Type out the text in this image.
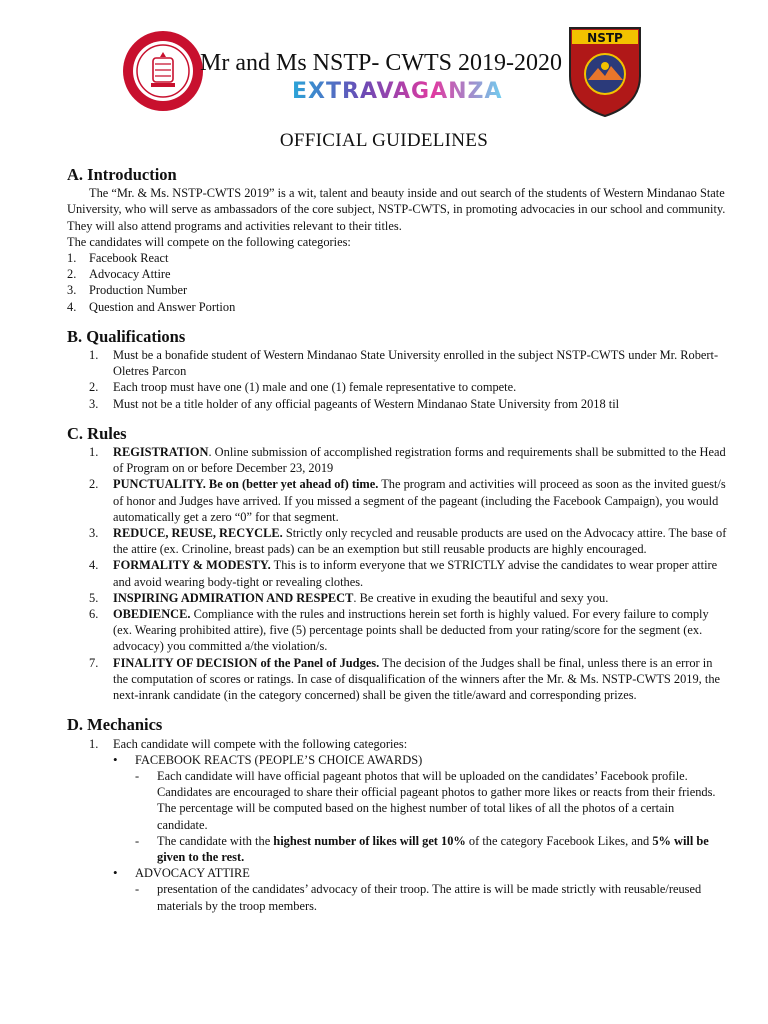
NSTP
Mr and Ms NSTP- CWTS 2019-2020
EXTRAVAGANZA
OFFICIAL GUIDELINES
A. Introduction

The “Mr. & Ms. NSTP-CWTS 2019” is a wit, talent and beauty inside and out search of the students of Western Mindanao State University, who will serve as ambassadors of the core subject, NSTP-CWTS, in promoting advocacies in our school and community. They will also attend programs and activities relevant to their titles.

The candidates will compete on the following categories:

1.	Facebook React
2.	Advocacy Attire
3.	Production Number
4.	Question and Answer Portion
B. Qualifications
1.	Must be a bonafide student of Western Mindanao State University enrolled in the subject NSTP-CWTS under Mr. Robert-Oletres Parcon
2.	Each troop must have one (1) male and one (1) female representative to compete.
3.	Must not be a title holder of any official pageants of Western Mindanao State University from 2018 til
C. Rules
1.	REGISTRATION. Online submission of accomplished registration forms and requirements shall be submitted to the Head of Program on or before December 23, 2019
2.	PUNCTUALITY. Be on (better yet ahead of) time. The program and activities will proceed as soon as the invited guest/s of honor and Judges have arrived. If you missed a segment of the pageant (including the Facebook Campaign), you would automatically get a zero “0” for that segment.
3.	REDUCE, REUSE, RECYCLE. Strictly only recycled and reusable products are used on the Advocacy attire. The base of the attire (ex. Crinoline, breast pads) can be an exemption but still reusable products are highly encouraged.
4.	FORMALITY & MODESTY. This is to inform everyone that we STRICTLY advise the candidates to wear proper attire and avoid wearing body-tight or revealing clothes.
5.	INSPIRING ADMIRATION AND RESPECT. Be creative in exuding the beautiful and sexy you.
6.	OBEDIENCE. Compliance with the rules and instructions herein set forth is highly valued. For every failure to comply (ex. Wearing prohibited attire), five (5) percentage points shall be deducted from your rating/score for the segment (ex. advocacy) you committed a/the violation/s.
7.	FINALITY OF DECISION of the Panel of Judges. The decision of the Judges shall be final, unless there is an error in the computation of scores or ratings. In case of disqualification of the winners after the Mr. & Ms. NSTP-CWTS 2019, the next-inrank candidate (in the category concerned) shall be given the title/award and corresponding prizes.
D. Mechanics
1.	Each candidate will compete with the following categories:
•	FACEBOOK REACTS (PEOPLE’S CHOICE AWARDS)
-	Each candidate will have official pageant photos that will be uploaded on the candidates’ Facebook profile. Candidates are encouraged to share their official pageant photos to gather more likes or reacts from their friends. The percentage will be computed based on the highest number of total likes of all the photos of a certain candidate.
-	The candidate with the highest number of likes will get 10% of the category Facebook Likes, and 5% will be given to the rest.
•	ADVOCACY ATTIRE
-	presentation of the candidates’ advocacy of their troop. The attire is will be made strictly with reusable/reused materials by the troop members.
